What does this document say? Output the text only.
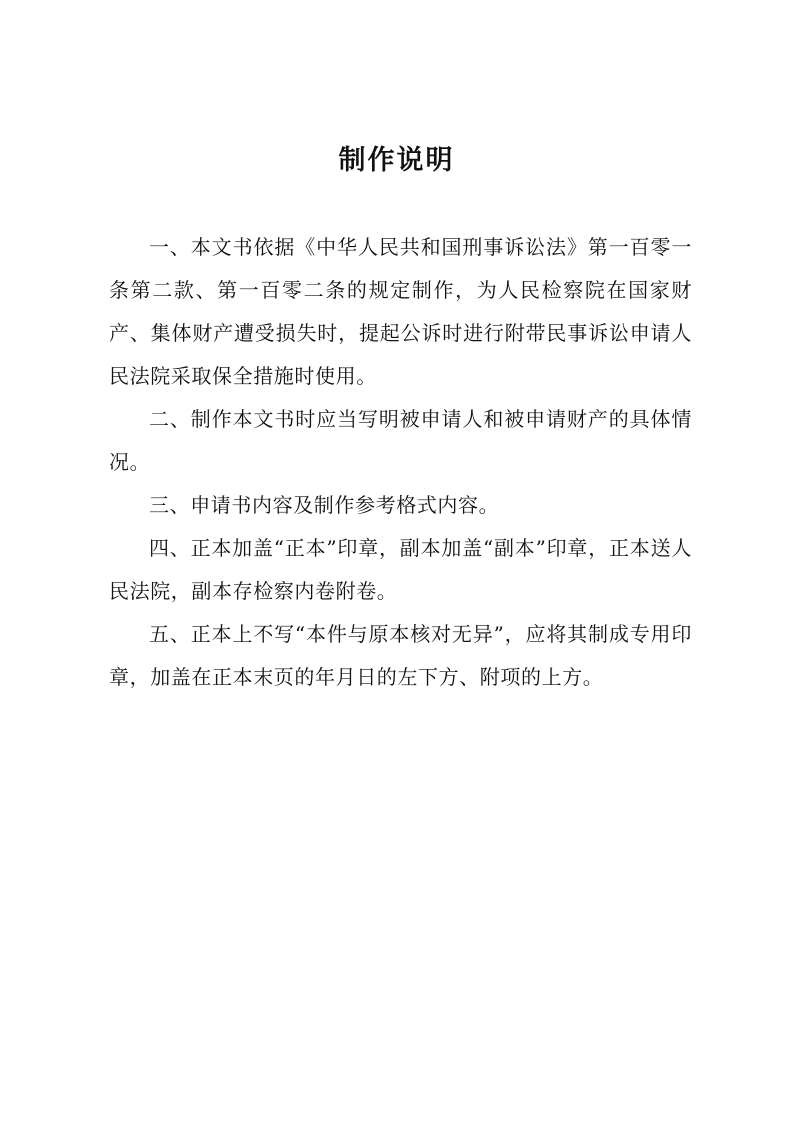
制作说明

一、本文书依据《中华人民共和国刑事诉讼法》第一百零一条第二款、第一百零二条的规定制作，为人民检察院在国家财产、集体财产遭受损失时，提起公诉时进行附带民事诉讼申请人民法院采取保全措施时使用。

二、制作本文书时应当写明被申请人和被申请财产的具体情况。

三、申请书内容及制作参考格式内容。

四、正本加盖“正本”印章，副本加盖“副本”印章，正本送人民法院，副本存检察内卷附卷。

五、正本上不写“本件与原本核对无异”，应将其制成专用印章，加盖在正本末页的年月日的左下方、附项的上方。
